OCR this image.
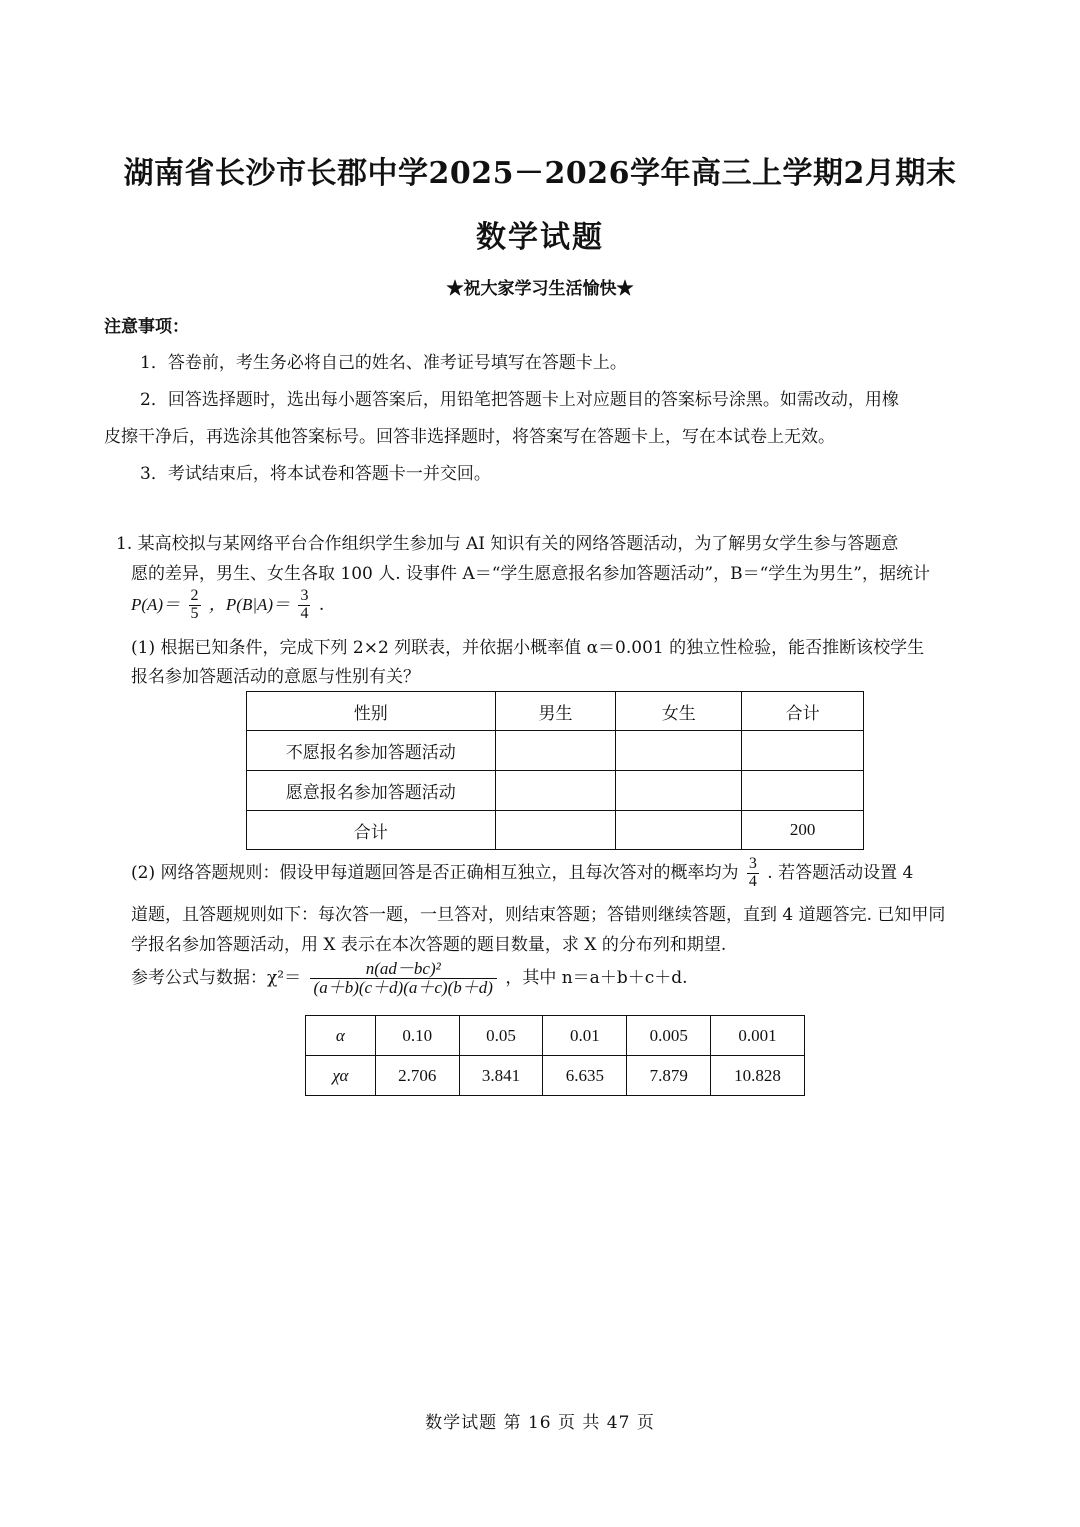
湖南省长沙市长郡中学2025－2026学年高三上学期2月期末
数学试题
★祝大家学习生活愉快★
注意事项：
1．答卷前，考生务必将自己的姓名、准考证号填写在答题卡上。
2．回答选择题时，选出每小题答案后，用铅笔把答题卡上对应题目的答案标号涂黑。如需改动，用橡
皮擦干净后，再选涂其他答案标号。回答非选择题时，将答案写在答题卡上，写在本试卷上无效。
3．考试结束后，将本试卷和答题卡一并交回。
1. 某高校拟与某网络平台合作组织学生参加与 AI 知识有关的网络答题活动，为了解男女学生参与答题意
愿的差异，男生、女生各取 100 人. 设事件 A＝“学生愿意报名参加答题活动”，B＝“学生为男生”，据统计
$P(A)= \frac{2}{5}$ ，$P(B|A)= \frac{3}{4}$ .
(1) 根据已知条件，完成下列 2×2 列联表，并依据小概率值 α＝0.001 的独立性检验，能否推断该校学生
报名参加答题活动的意愿与性别有关？
性别	男生	女生	合计
不愿报名参加答题活动			
愿意报名参加答题活动			
合计			200
(2) 网络答题规则：假设甲每道题回答是否正确相互独立，且每次答对的概率均为 $\frac{3}{4}$ . 若答题活动设置 4
道题，且答题规则如下：每次答一题，一旦答对，则结束答题；答错则继续答题，直到 4 道题答完. 已知甲同
学报名参加答题活动，用 X 表示在本次答题的题目数量，求 X 的分布列和期望.
参考公式与数据：$\chi^2= \frac{\text{n(ad－bc)²}}{(a+b)(c+d)(a+c)(b+d)}$ ，其中 n＝a＋b＋c＋d.
α	0.10	0.05	0.01	0.005	0.001
χα	2.706	3.841	6.635	7.879	10.828
数学试题 第 16 页 共 47 页
